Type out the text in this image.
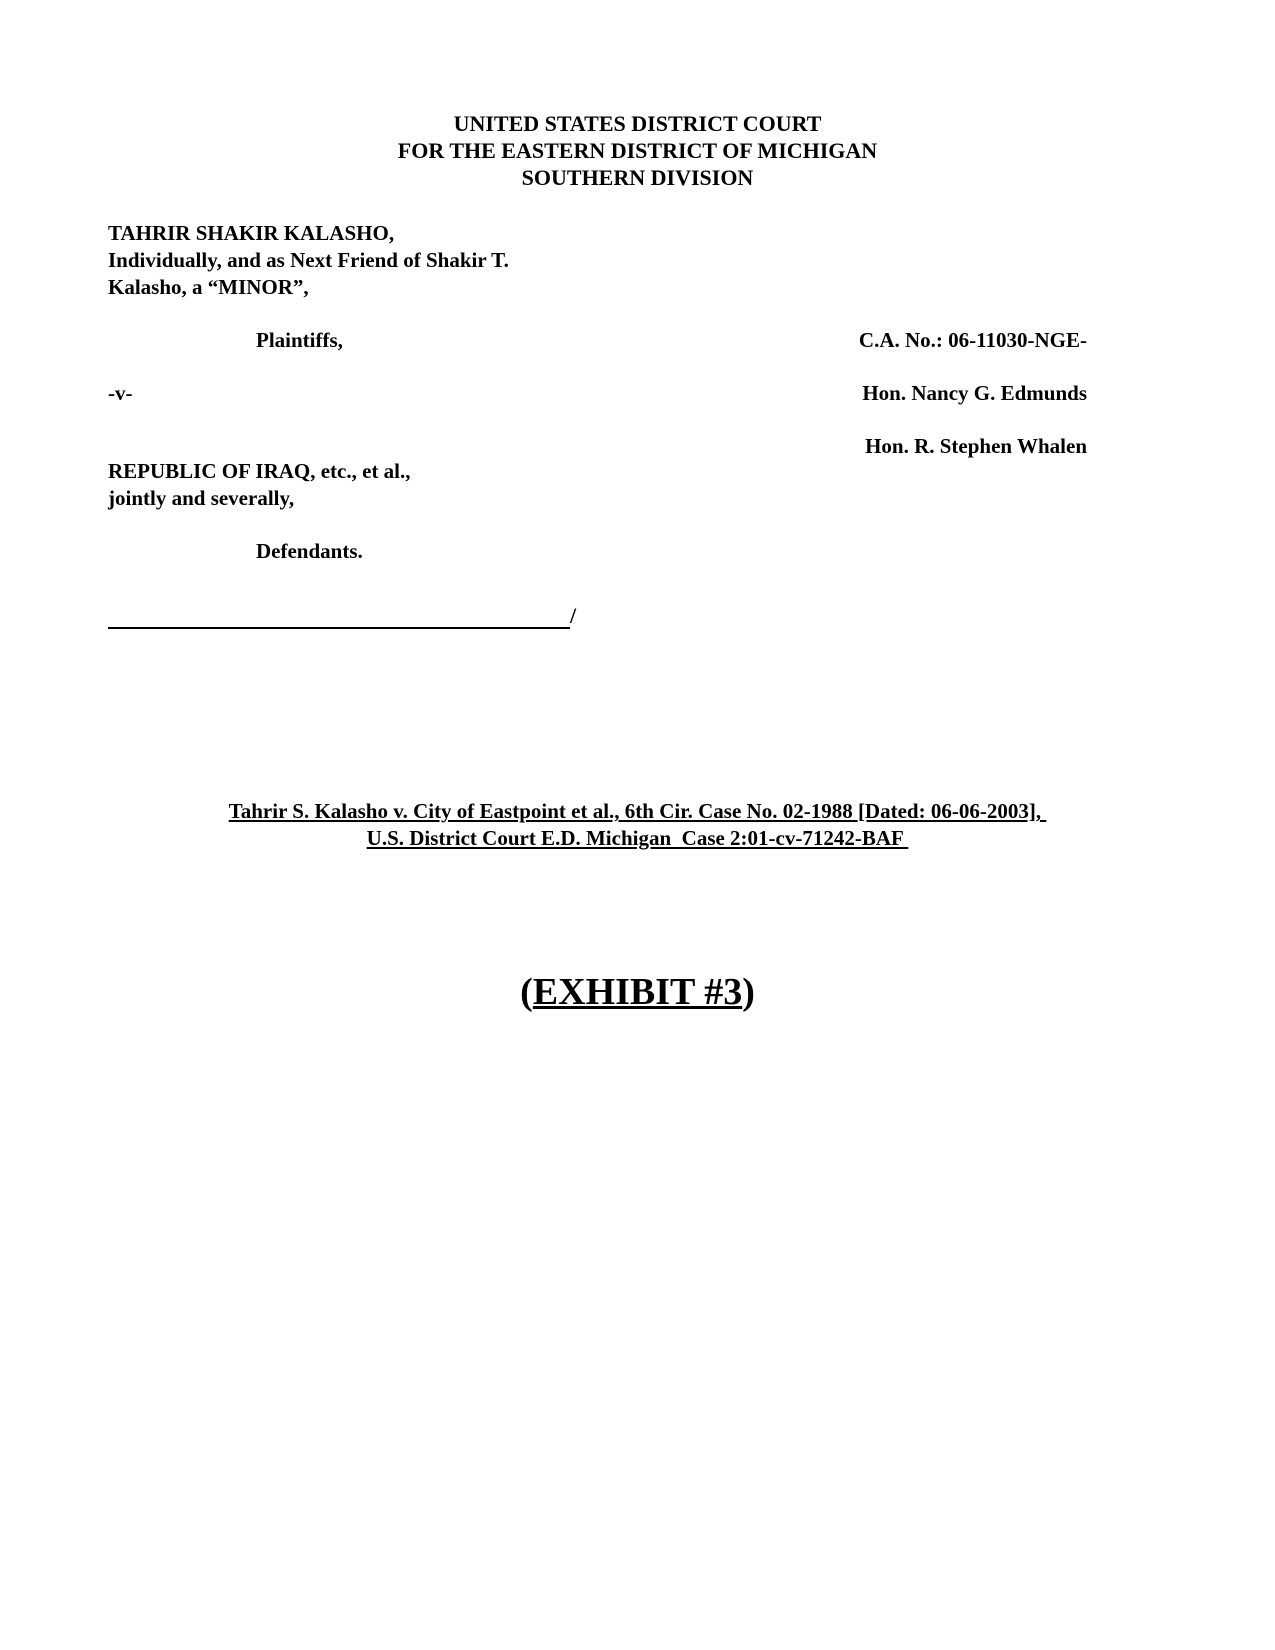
UNITED STATES DISTRICT COURT
FOR THE EASTERN DISTRICT OF MICHIGAN
SOUTHERN DIVISION
TAHRIR SHAKIR KALASHO,
Individually, and as Next Friend of Shakir T.
Kalasho, a “MINOR”,
Plaintiffs,
-v-
REPUBLIC OF IRAQ, etc., et al.,
jointly and severally,
Defendants.
C.A. No.: 06-11030-NGE-
Hon. Nancy G. Edmunds
Hon. R. Stephen Whalen
/
Tahrir S. Kalasho v. City of Eastpoint et al., 6th Cir. Case No. 02-1988 [Dated: 06-06-2003],
U.S. District Court E.D. Michigan  Case 2:01-cv-71242-BAF
(EXHIBIT #3)
